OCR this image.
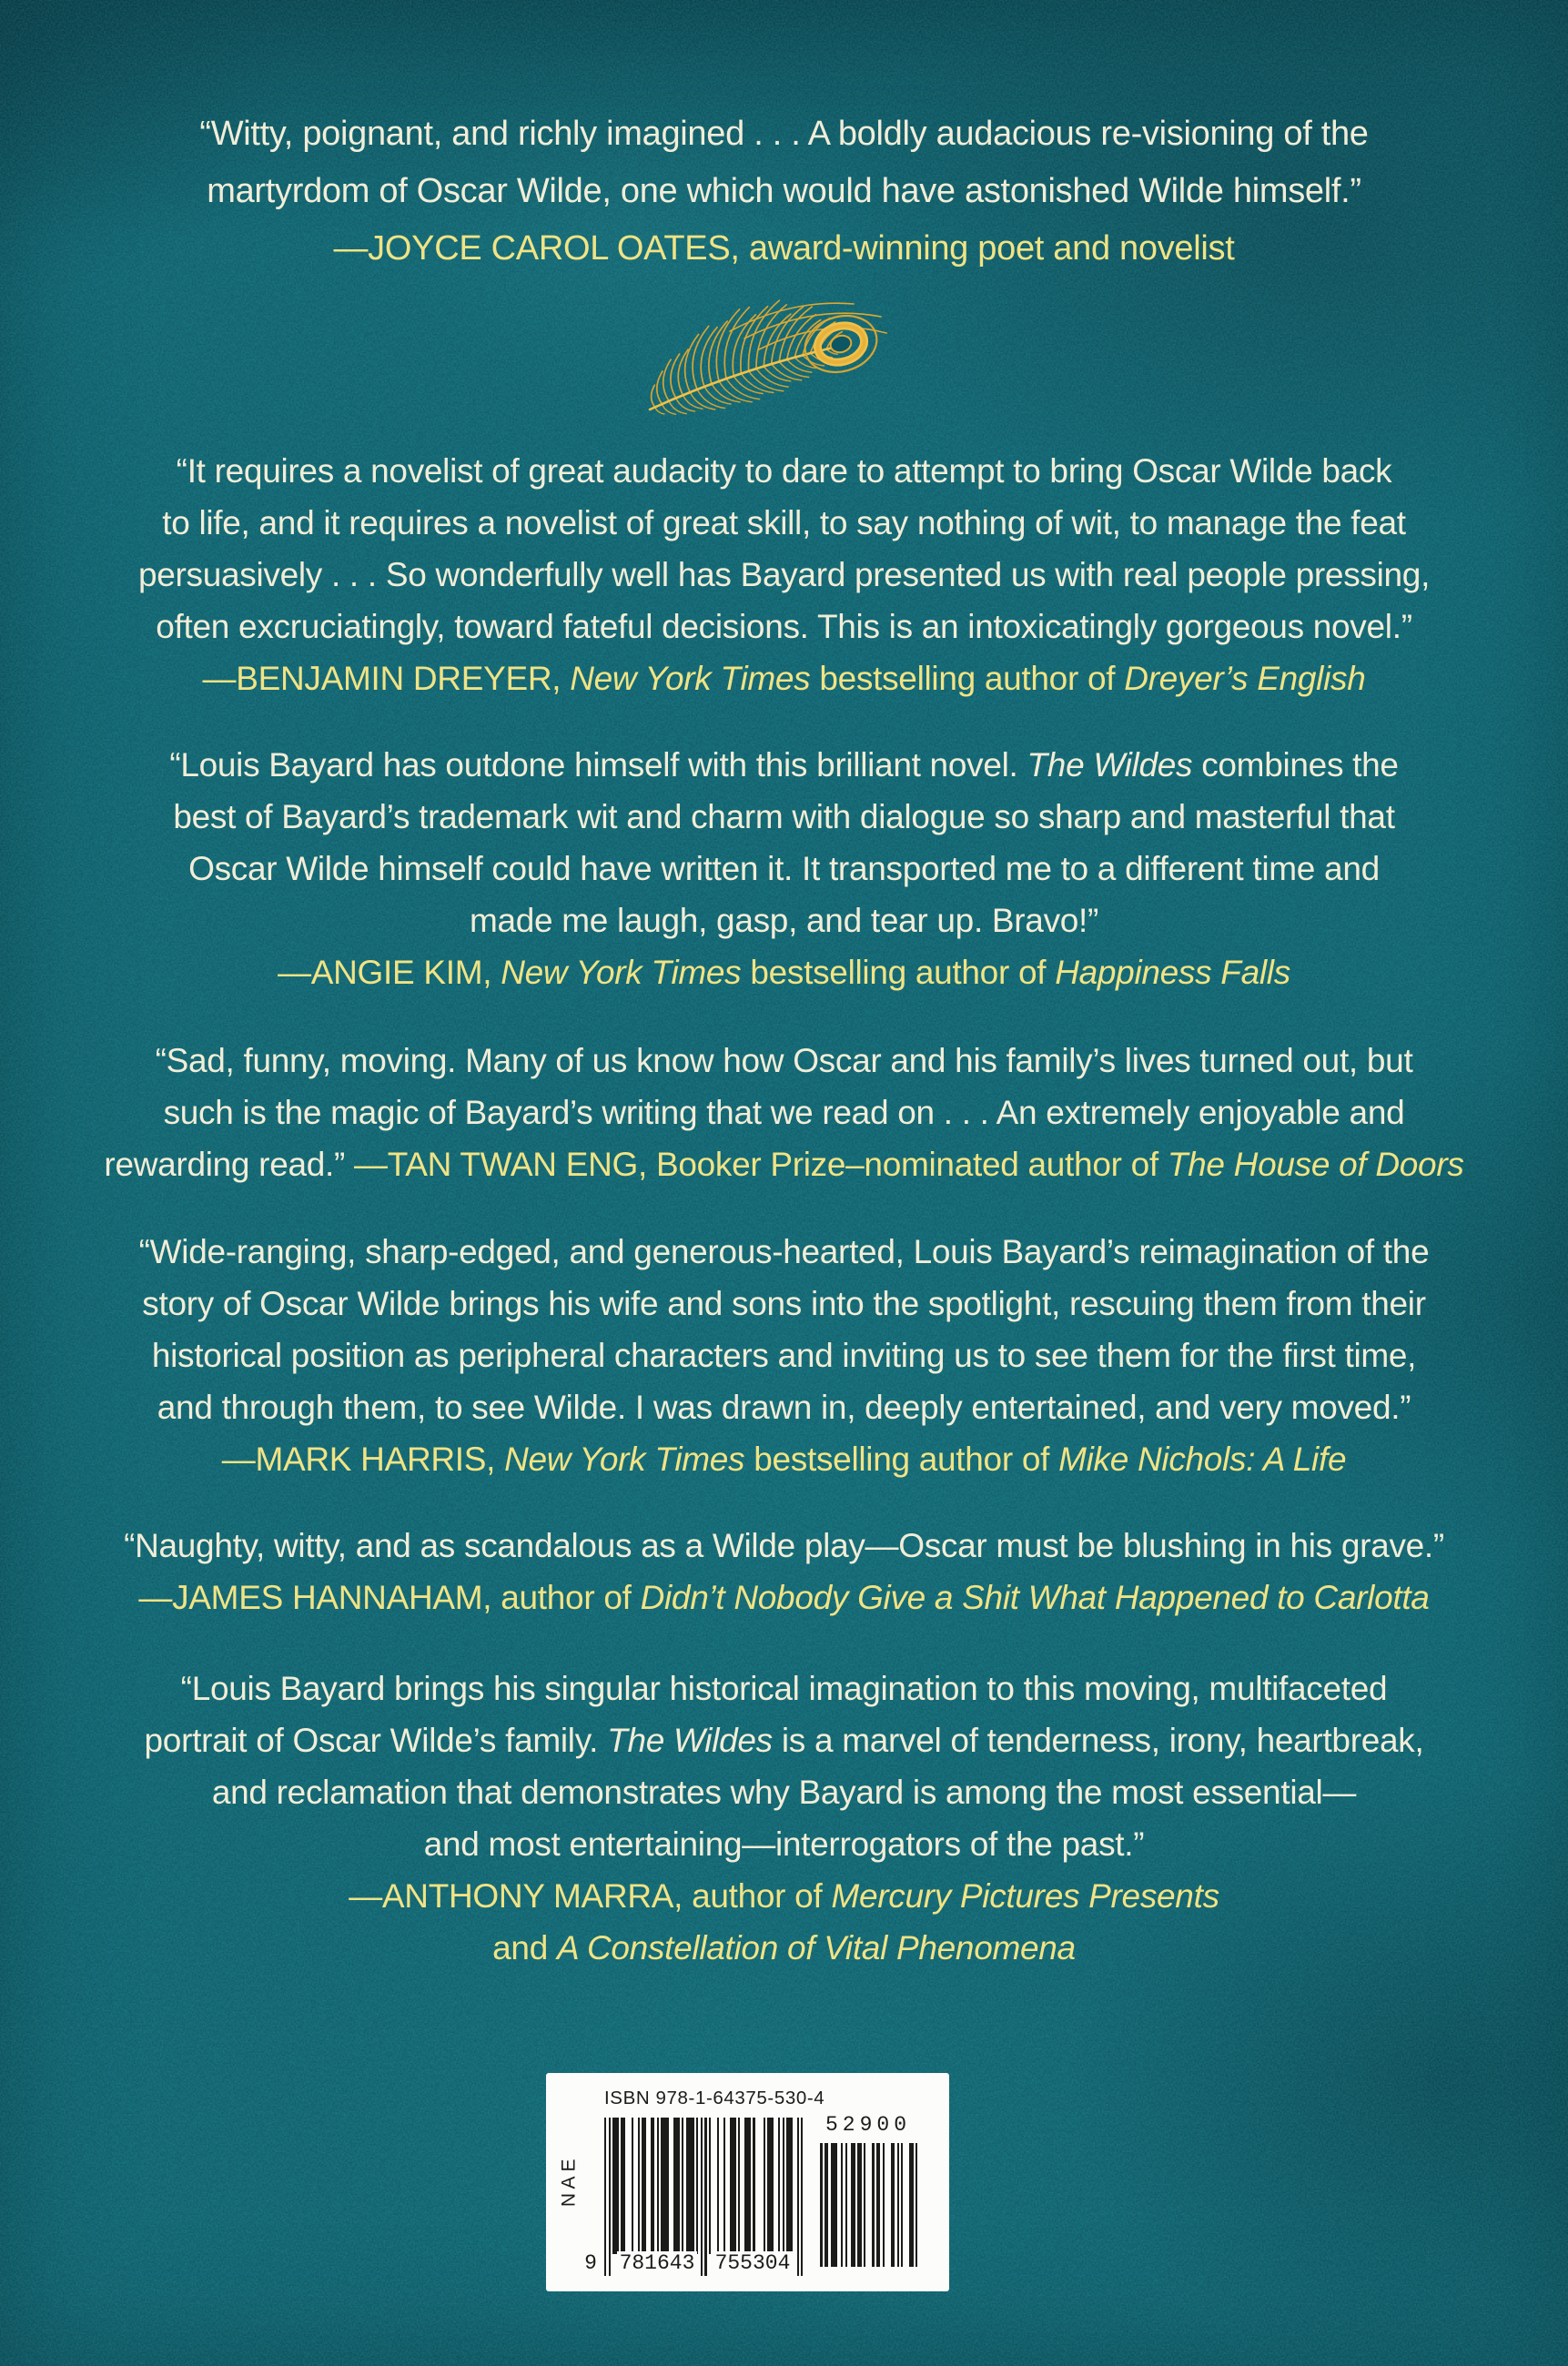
“Witty, poignant, and richly imagined . . . A boldly audacious re-visioning of the
martyrdom of Oscar Wilde, one which would have astonished Wilde himself.”
—JOYCE CAROL OATES, award-winning poet and novelist
“It requires a novelist of great audacity to dare to attempt to bring Oscar Wilde back
to life, and it requires a novelist of great skill, to say nothing of wit, to manage the feat
persuasively . . . So wonderfully well has Bayard presented us with real people pressing,
often excruciatingly, toward fateful decisions. This is an intoxicatingly gorgeous novel.”
—BENJAMIN DREYER, New York Times bestselling author of Dreyer’s English
“Louis Bayard has outdone himself with this brilliant novel. The Wildes combines the
best of Bayard’s trademark wit and charm with dialogue so sharp and masterful that
Oscar Wilde himself could have written it. It transported me to a different time and
made me laugh, gasp, and tear up. Bravo!”
—ANGIE KIM, New York Times bestselling author of Happiness Falls
“Sad, funny, moving. Many of us know how Oscar and his family’s lives turned out, but
such is the magic of Bayard’s writing that we read on . . . An extremely enjoyable and
rewarding read.” —TAN TWAN ENG, Booker Prize–nominated author of The House of Doors
“Wide-ranging, sharp-edged, and generous-hearted, Louis Bayard’s reimagination of the
story of Oscar Wilde brings his wife and sons into the spotlight, rescuing them from their
historical position as peripheral characters and inviting us to see them for the first time,
and through them, to see Wilde. I was drawn in, deeply entertained, and very moved.”
—MARK HARRIS, New York Times bestselling author of Mike Nichols: A Life
“Naughty, witty, and as scandalous as a Wilde play—Oscar must be blushing in his grave.”
—JAMES HANNAHAM, author of Didn’t Nobody Give a Shit What Happened to Carlotta
“Louis Bayard brings his singular historical imagination to this moving, multifaceted
portrait of Oscar Wilde’s family. The Wildes is a marvel of tenderness, irony, heartbreak,
and reclamation that demonstrates why Bayard is among the most essential—
and most entertaining—interrogators of the past.”
—ANTHONY MARRA, author of Mercury Pictures Presents
and A Constellation of Vital Phenomena
ISBN 978-1-64375-530-4
E
A
N
9 781643 755304
52900
